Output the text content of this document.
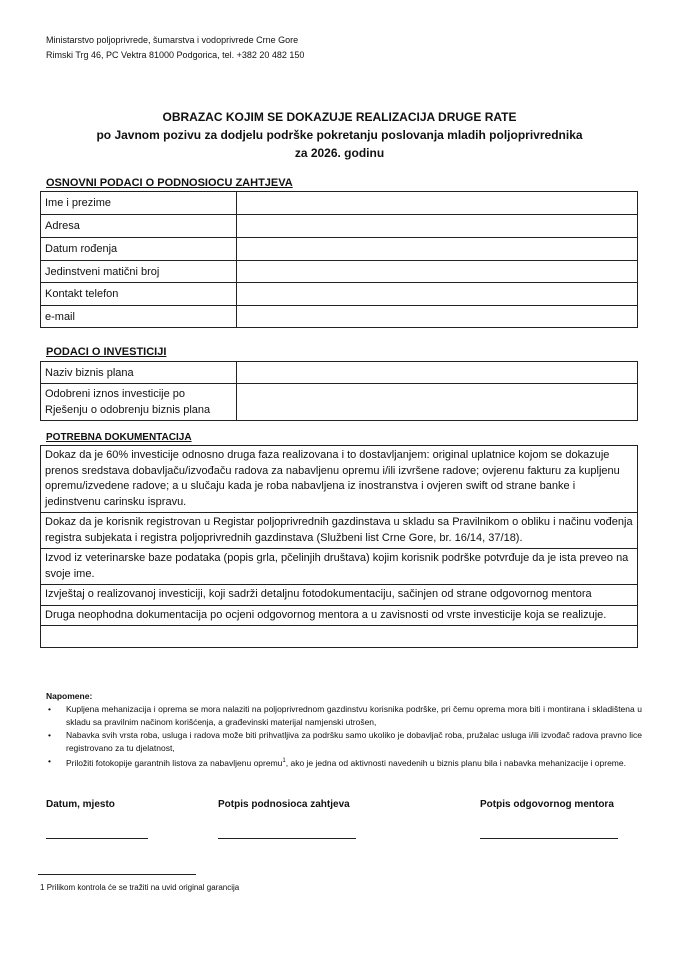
Ministarstvo poljoprivrede, šumarstva i vodoprivrede Crne Gore
Rimski Trg 46, PC Vektra 81000 Podgorica, tel. +382 20 482 150
OBRAZAC KOJIM SE DOKAZUJE REALIZACIJA DRUGE RATE
po Javnom pozivu za dodjelu podrške pokretanju poslovanja mladih poljoprivrednika
za 2026. godinu
OSNOVNI PODACI O PODNOSIOCU ZAHTJEVA
Ime i prezime	
Adresa	
Datum rođenja	
Jedinstveni matični broj	
Kontakt telefon	
e-mail	
PODACI O INVESTICIJI
Naziv biznis plana	

Odobreni iznos investicije po
Rješenju o odobrenju biznis plana	

POTREBNA DOKUMENTACIJA
Dokaz da je 60% investicije odnosno druga faza realizovana i to dostavljanjem: original uplatnice kojom se dokazuje prenos sredstava dobavljaču/izvođaču radova za nabavljenu opremu i/ili izvršene radove; ovjerenu fakturu za kupljenu opremu/izvedene radove; a u slučaju kada je roba nabavljena iz inostranstva i ovjeren swift od strane banke i jedinstvenu carinsku ispravu.
Dokaz da je korisnik registrovan u Registar poljoprivrednih gazdinstava u skladu sa Pravilnikom o obliku i načinu vođenja registra subjekata i registra poljoprivrednih gazdinstava (Službeni list Crne Gore, br. 16/14, 37/18).
Izvod iz veterinarske baze podataka (popis grla, pčelinjih društava) kojim korisnik podrške potvrđuje da je ista preveo na svoje ime.
Izvještaj o realizovanoj investiciji, koji sadrži detaljnu fotodokumentaciju, sačinjen od strane odgovornog mentora
Druga neophodna dokumentacija po ocjeni odgovornog mentora a u zavisnosti od vrste investicije koja se realizuje.

Napomene:
• Kupljena mehanizacija i oprema se mora nalaziti na poljoprivrednom gazdinstvu korisnika podrške, pri čemu oprema mora biti i montirana i skladištena u skladu sa pravilnim načinom korišćenja, a građevinski materijal namjenski utrošen,
• Nabavka svih vrsta roba, usluga i radova može biti prihvatljiva za podršku samo ukoliko je dobavljač roba, pružalac usluga i/ili izvođač radova pravno lice registrovano za tu djelatnost,
• Priložiti fotokopije garantnih listova za nabavljenu opremu$^1$, ako je jedna od aktivnosti navedenih u biznis planu bila i nabavka mehanizacije i opreme.
Datum, mjesto	Potpis podnosioca zahtjeva	Potpis odgovornog mentora
1 Prilikom kontrola će se tražiti na uvid original garancija
